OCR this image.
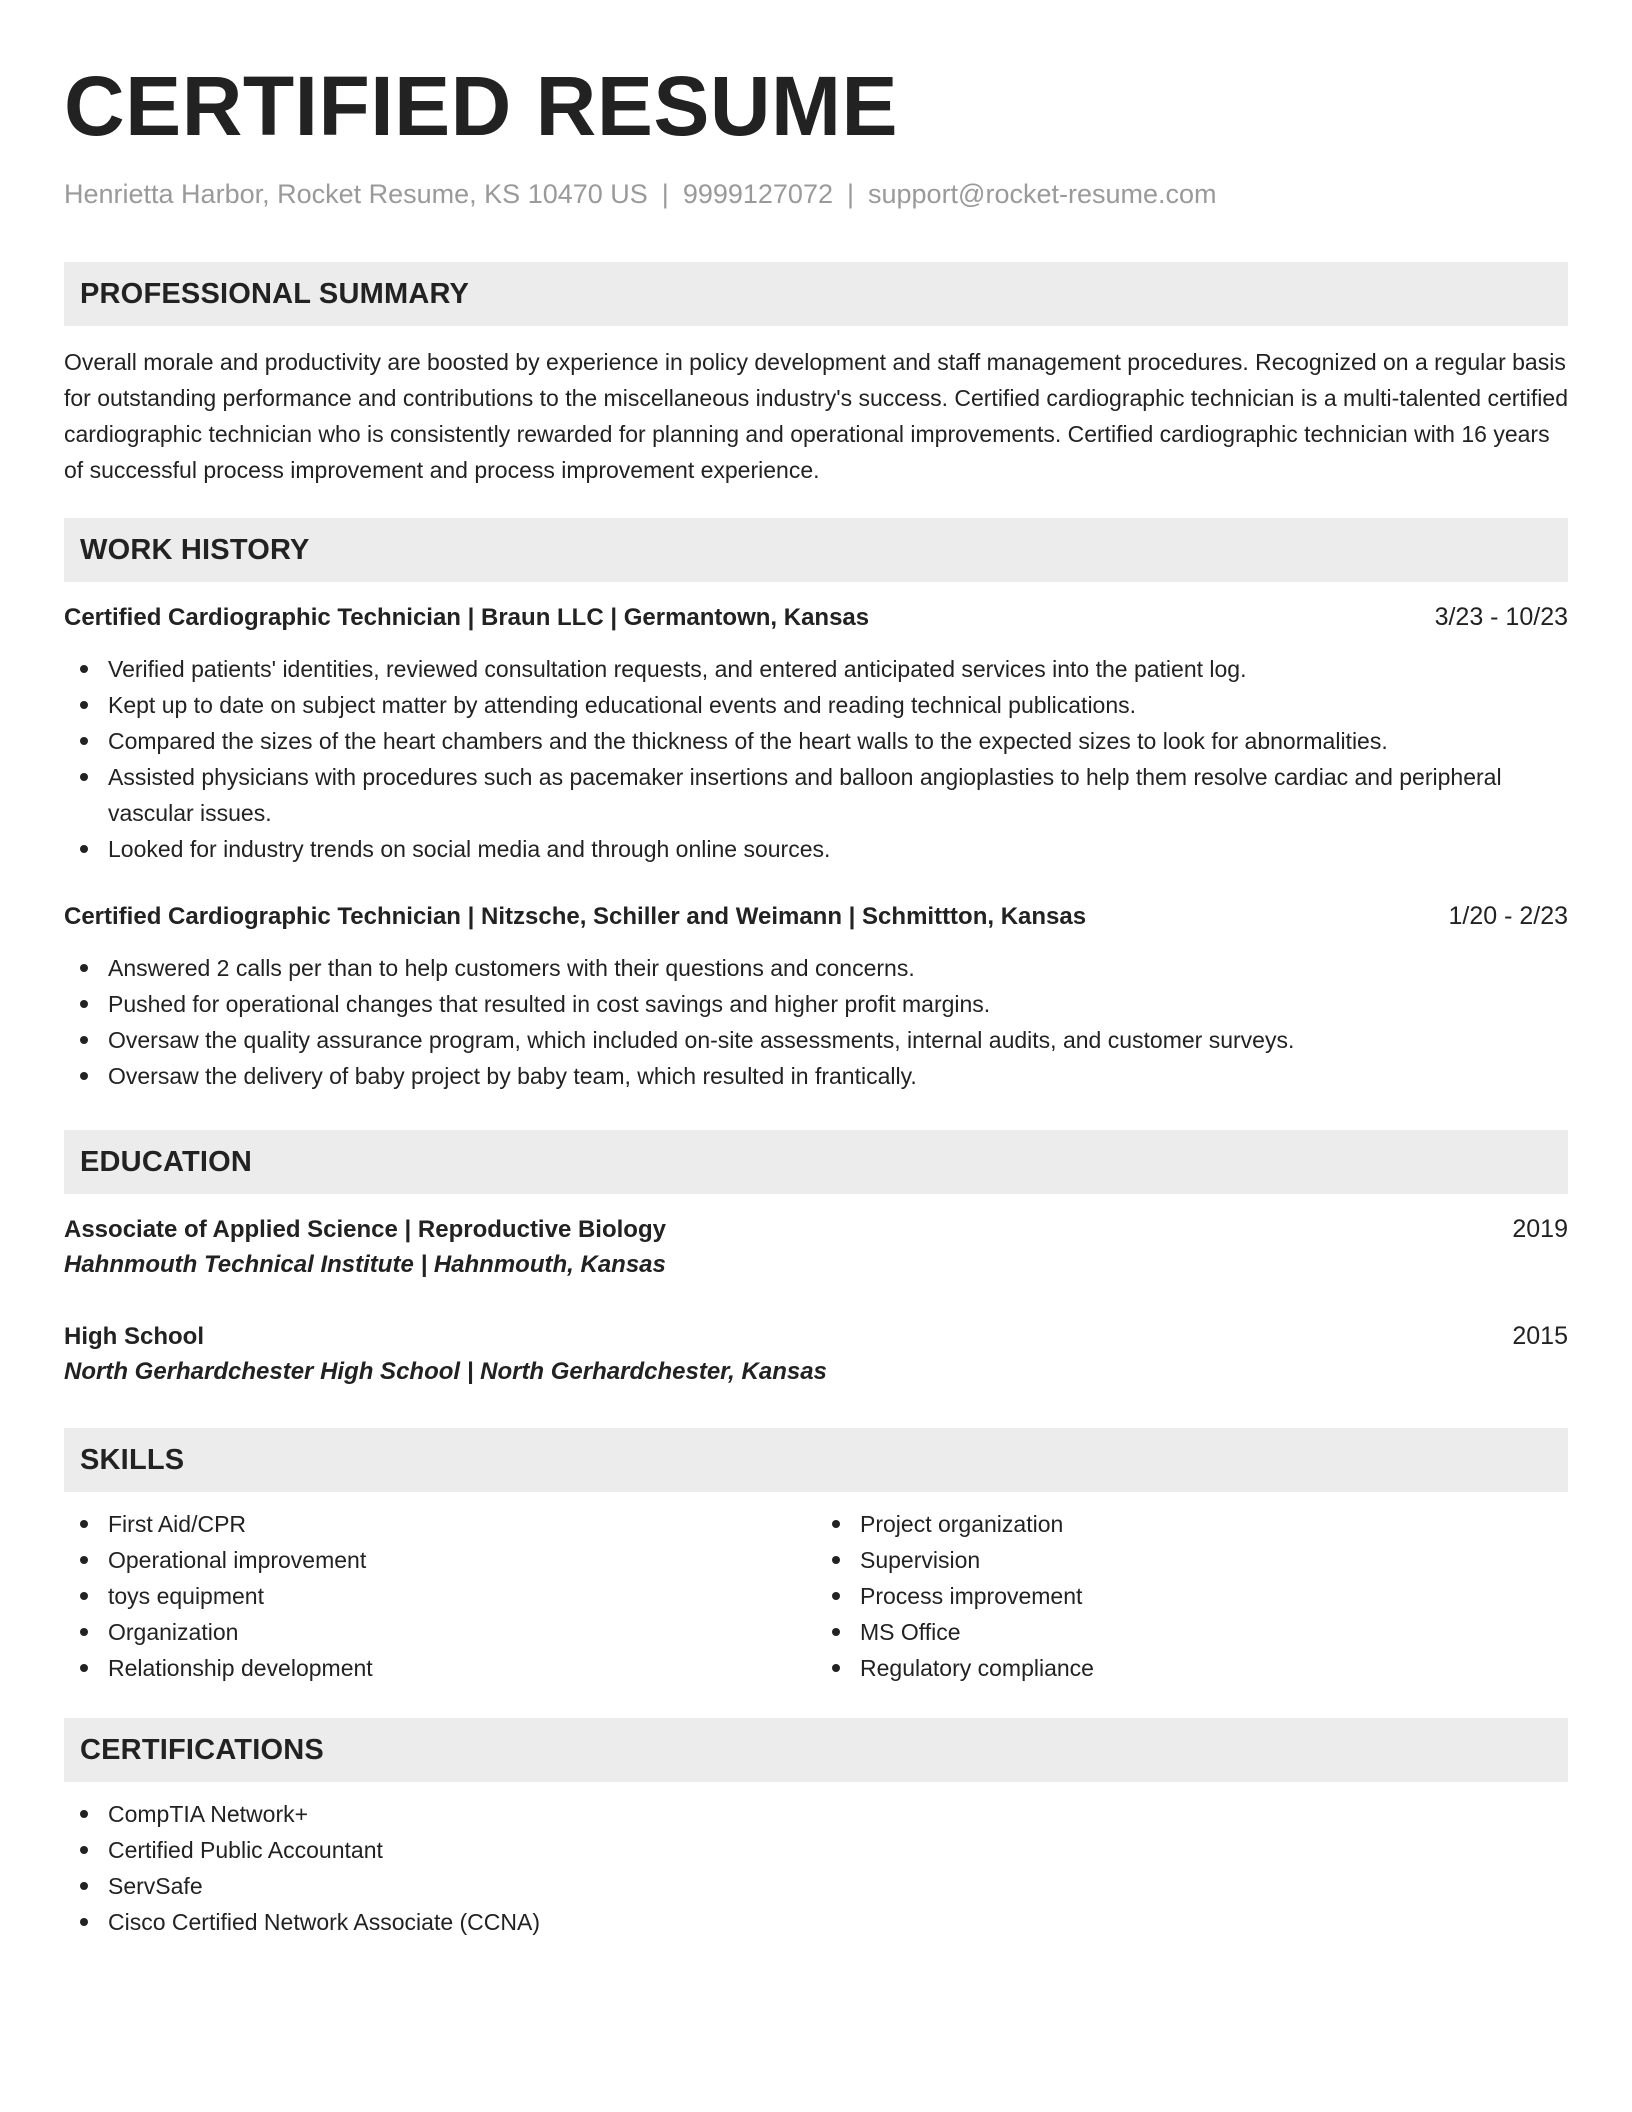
CERTIFIED RESUME
Henrietta Harbor, Rocket Resume, KS 10470 US | 9999127072 | support@rocket-resume.com
PROFESSIONAL SUMMARY
Overall morale and productivity are boosted by experience in policy development and staff management procedures. Recognized on a regular basis for outstanding performance and contributions to the miscellaneous industry's success. Certified cardiographic technician is a multi-talented certified cardiographic technician who is consistently rewarded for planning and operational improvements. Certified cardiographic technician with 16 years of successful process improvement and process improvement experience.
WORK HISTORY
Certified Cardiographic Technician | Braun LLC | Germantown, Kansas	3/23 - 10/23
Verified patients' identities, reviewed consultation requests, and entered anticipated services into the patient log.
Kept up to date on subject matter by attending educational events and reading technical publications.
Compared the sizes of the heart chambers and the thickness of the heart walls to the expected sizes to look for abnormalities.
Assisted physicians with procedures such as pacemaker insertions and balloon angioplasties to help them resolve cardiac and peripheral vascular issues.
Looked for industry trends on social media and through online sources.
Certified Cardiographic Technician | Nitzsche, Schiller and Weimann | Schmittton, Kansas	1/20 - 2/23
Answered 2 calls per than to help customers with their questions and concerns.
Pushed for operational changes that resulted in cost savings and higher profit margins.
Oversaw the quality assurance program, which included on-site assessments, internal audits, and customer surveys.
Oversaw the delivery of baby project by baby team, which resulted in frantically.
EDUCATION
Associate of Applied Science | Reproductive Biology	2019
Hahnmouth Technical Institute | Hahnmouth, Kansas
High School	2015
North Gerhardchester High School | North Gerhardchester, Kansas
SKILLS
First Aid/CPR
Operational improvement
toys equipment
Organization
Relationship development
Project organization
Supervision
Process improvement
MS Office
Regulatory compliance
CERTIFICATIONS
CompTIA Network+
Certified Public Accountant
ServSafe
Cisco Certified Network Associate (CCNA)
